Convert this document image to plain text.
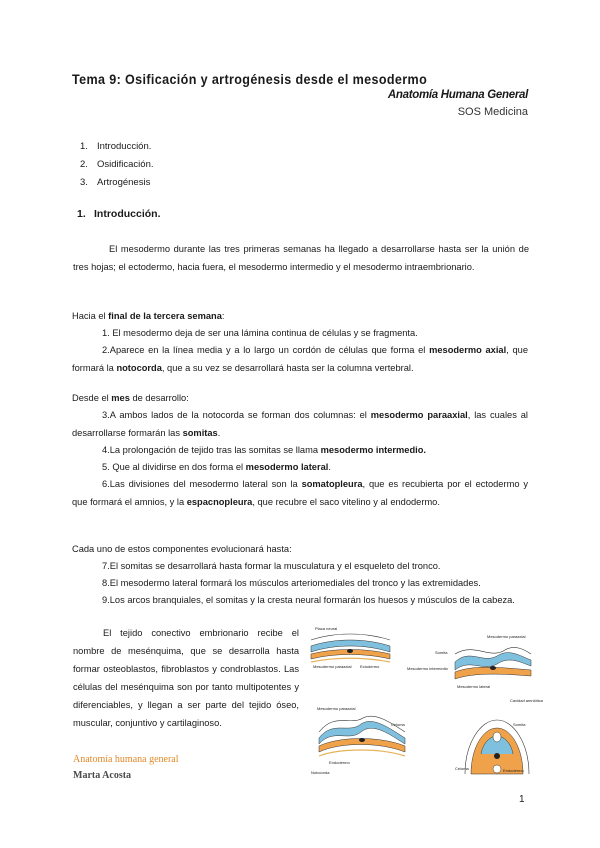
Tema 9: Osificación y artrogénesis desde el mesodermo
Anatomía Humana General
SOS Medicina
1. Introducción.
2. Osidificación.
3. Artrogénesis
1. Introducción.
El mesodermo durante las tres primeras semanas ha llegado a desarrollarse hasta ser la unión de tres hojas; el ectodermo, hacia fuera, el mesodermo intermedio y el mesodermo intraembrionario.
Hacia el final de la tercera semana:
1. El mesodermo deja de ser una lámina continua de células y se fragmenta.
2.Aparece en la línea media y a lo largo un cordón de células que forma el mesodermo axial, que formará la notocorda, que a su vez se desarrollará hasta ser la columna vertebral.
Desde el mes de desarrollo:
3.A ambos lados de la notocorda se forman dos columnas: el mesodermo paraaxial, las cuales al desarrollarse formarán las somitas.
4.La prolongación de tejido tras las somitas se llama mesodermo intermedio.
5. Que al dividirse en dos forma el mesodermo lateral.
6.Las divisiones del mesodermo lateral son la somatopleura, que es recubierta por el ectodermo y que formará el amnios, y la espacnopleura, que recubre el saco vitelino y al endodermo.
Cada uno de estos componentes evolucionará hasta:
7.El somitas se desarrollará hasta formar la musculatura y el esqueleto del tronco.
8.El mesodermo lateral formará los músculos arteriomediales del tronco y las extremidades.
9.Los arcos branquiales, el somitas y la cresta neural formarán los huesos y músculos de la cabeza.
El tejido conectivo embrionario recibe el nombre de mesénquima, que se desarrolla hasta formar osteoblastos, fibroblastos y condroblastos. Las células del mesénquima son por tanto multipotentes y diferenciables, y llegan a ser parte del tejido óseo, muscular, conjuntivo y cartilaginoso.
Placa neural
Mesodermo paraaxial Ectodermo
Mesodermo paraaxial
Mesodermo intermedio
Mesodermo lateral
Cavidad amniótica
Somita
Mesodermo paraaxial
Celoma
Endodermo
Notocorda
Somita
Celoma	Endodermo
Anatomía humana general
Marta Acosta
1
